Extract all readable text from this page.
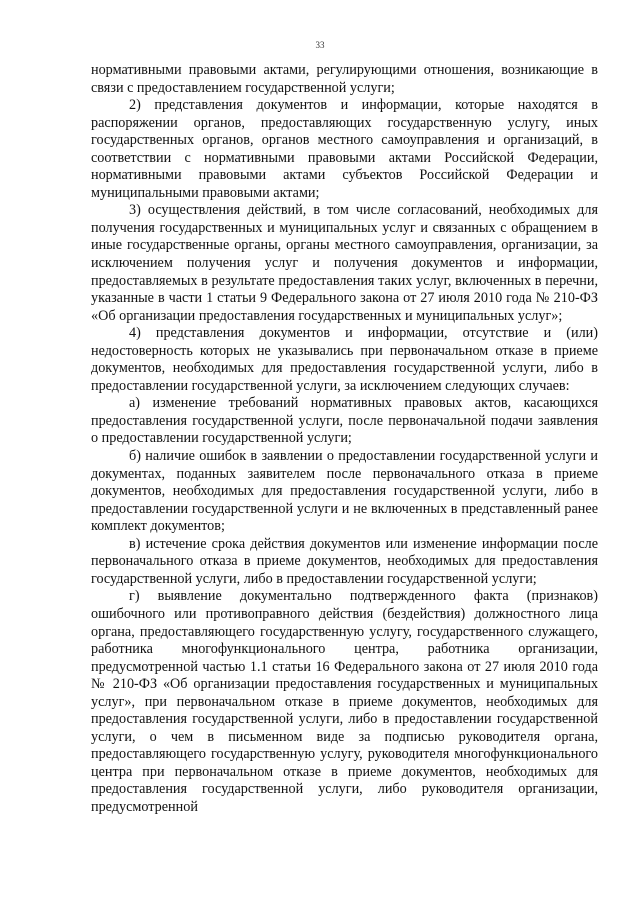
33

нормативными правовыми актами, регулирующими отношения, возникающие в связи с предоставлением государственной услуги;

2) представления документов и информации, которые находятся в распоряжении органов, предоставляющих государственную услугу, иных государственных органов, органов местного самоуправления и организаций, в соответствии с нормативными правовыми актами Российской Федерации, нормативными правовыми актами субъектов Российской Федерации и муниципальными правовыми актами;

3) осуществления действий, в том числе согласований, необходимых для получения государственных и муниципальных услуг и связанных с обращением в иные государственные органы, органы местного самоуправления, организации, за исключением получения услуг и получения документов и информации, предоставляемых в результате предоставления таких услуг, включенных в перечни, указанные в части 1 статьи 9 Федерального закона от 27 июля 2010 года № 210-ФЗ «Об организации предоставления государственных и муниципальных услуг»;

4) представления документов и информации, отсутствие и (или) недостоверность которых не указывались при первоначальном отказе в приеме документов, необходимых для предоставления государственной услуги, либо в предоставлении государственной услуги, за исключением следующих случаев:

а) изменение требований нормативных правовых актов, касающихся предоставления государственной услуги, после первоначальной подачи заявления о предоставлении государственной услуги;

б) наличие ошибок в заявлении о предоставлении государственной услуги и документах, поданных заявителем после первоначального отказа в приеме документов, необходимых для предоставления государственной услуги, либо в предоставлении государственной услуги и не включенных в представленный ранее комплект документов;

в) истечение срока действия документов или изменение информации после первоначального отказа в приеме документов, необходимых для предоставления государственной услуги, либо в предоставлении государственной услуги;

г) выявление документально подтвержденного факта (признаков) ошибочного или противоправного действия (бездействия) должностного лица органа, предоставляющего государственную услугу, государственного служащего, работника многофункционального центра, работника организации, предусмотренной частью 1.1 статьи 16 Федерального закона от 27 июля 2010 года № 210-ФЗ «Об организации предоставления государственных и муниципальных услуг», при первоначальном отказе в приеме документов, необходимых для предоставления государственной услуги, либо в предоставлении государственной услуги, о чем в письменном виде за подписью руководителя органа, предоставляющего государственную услугу, руководителя многофункционального центра при первоначальном отказе в приеме документов, необходимых для предоставления государственной услуги, либо руководителя организации, предусмотренной
